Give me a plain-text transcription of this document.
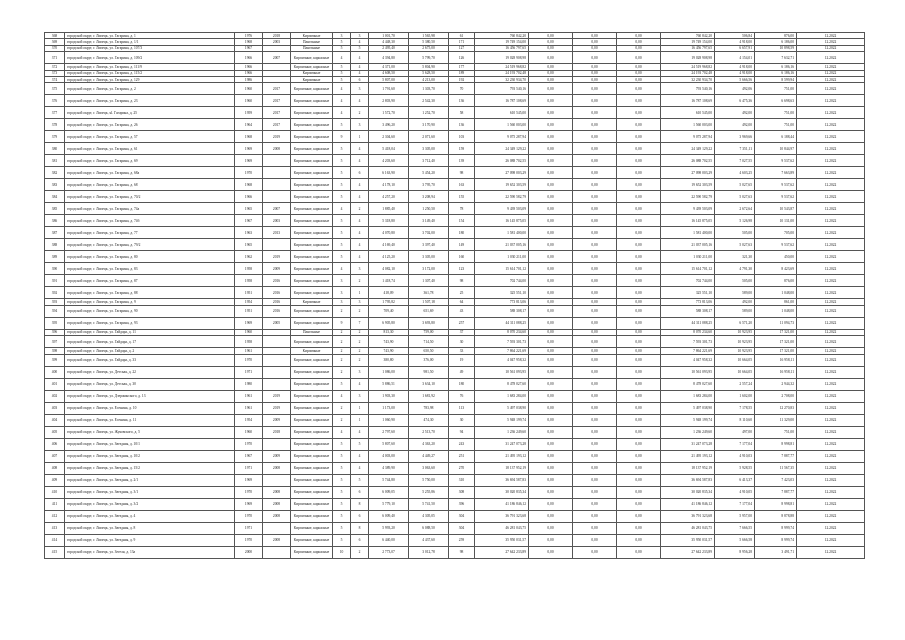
368	городской округ, г. Липецк, ул. Гагарина, д. 1	1976	2018	Кирпичные	3	3	1 001,70	1 565,98	61	760 842,20	0,00	0,00	0,00	760 842,20	506,84	876,00	12.2022
369	городской округ, г. Липецк, ул. Гагарина, д. 1/1	1968	2003	Панельные	5	4	4 448,30	5 380,50	171	19 749 154,00	0,00	0,00	0,00	19 749 154,00	4 918,00	6 186,00	12.2022
370	городской округ, г. Липецк, ул. Гагарина, д. 107/3	1967		Панельные	5	5	2 495,40	2 675,00	127	16 456 797,65	0,00	0,00	0,00	16 456 797,65	6 657,91	10 898,59	12.2022
371	городской округ, г. Липецк, ул. Гагарина, д. 109/2	1966	2007	Кирпичные, каркасные	4	4	4 394,80	5 799,70	126	19 028 908,98	0,00	0,00	0,00	19 028 908,98	4 154,01	7 632,71	12.2022
372	городской округ, г. Липецк, ул. Гагарина, д. 111/9	1966		Кирпичные, каркасные	5	4	4 371,00	5 804,90	177	24 519 968,82	0,00	0,00	0,00	24 519 968,82	4 918,00	6 186,16	12.2022
373	городской округ, г. Липецк, ул. Гагарина, д. 115/2	1966		Кирпичные	5	4	4 608,50	5 628,50	189	24 193 702,48	0,00	0,00	0,00	24 193 702,48	4 918,00	6 186,16	12.2022
374	городской округ, г. Липецк, ул. Гагарина, д. 129	1986		Кирпичные	5	6	5 807,00	4 213,00	192	32 230 934,70	0,00	0,00	0,00	32 230 934,70	5 666,56	8 599,94	12.2022
375	городской округ, г. Липецк, ул. Гагарина, д. 2	1960	2017	Кирпичные, каркасные	4	3	1 791,60	1 303,70	70	793 540,16	0,00	0,00	0,00	793 540,16	492,06	751,00	12.2022
376	городской округ, г. Липецк, ул. Гагарина, д. 23	1960	2017	Кирпичные, каркасные	4	4	2 803,90	2 542,30	136	16 787 108,69	0,00	0,00	0,00	16 787 108,69	6 475,36	6 698,63	12.2022
377	городской округ, г. Липецк, ul. Гагарина, д. 25	1959	2017	Кирпичные, каркасные	4	2	1 572,70	1 252,70	58	610 545,00	0,00	0,00	0,00	610 545,00	492,00	751,00	12.2022
378	городской округ, г. Липецк, ул. Гагарина, д. 26	1964	2017	Кирпичные, каркасные	5	3	3 496,20	3 170,90	136	1 560 003,00	0,00	0,00	0,00	1 560 003,00	492,00	751,00	12.2022
379	городской округ, г. Липецк, ул. Гагарина, д. 57	1968	2019	Кирпичные, каркасные	9	1	2 304,60	2 071,60	103	9 075 287,94	0,00	0,00	0,00	9 075 287,94	3 969,66	6 188,44	12.2022
380	городской округ, г. Липецк, ул. Гагарина, д. 61	1969	2008	Кирпичные, каркасные	5	4	5 418,04	3 305,00	159	24 349 129,22	0,00	0,00	0,00	24 349 129,22	7 351,11	10 844,97	12.2022
381	городской округ, г. Липецк, ул. Гагарина, д. 69	1969		Кирпичные, каркасные	5	4	4 203,60	3 712,40	139	26 088 702,55	0,00	0,00	0,00	26 088 702,55	7 027,55	9 537,62	12.2022
382	городской округ, г. Липецк, ул. Гагарина, д. 68а	1970		Кирпичные, каркасные	5	6	6 163,90	5 454,20	98	27 098 003,29	0,00	0,00	0,00	27 098 003,29	4 603,25	7 663,89	12.2022
383	городской округ, г. Липецк, ул. Гагарина, д. 68	1968		Кирпичные, каркасные	5	4	4 178,10	3 795,70	163	19 652 303,59	0,00	0,00	0,00	19 652 303,59	5 027,65	9 537,62	12.2022
384	городской округ, г. Липецк, ул. Гагарина, д. 70/2	1966		Кирпичные, каркасные	5	4	4 257,20	3 208,94	155	22 590 582,79	0,00	0,00	0,00	22 590 582,79	5 027,63	9 537,62	12.2022
385	городской округ, г. Липецк, ул. Гагарина, д. 74а	1965	2007	Кирпичные, каркасные	4	2	1 885,40	1 250,50	78	9 439 503,09	0,00	0,00	0,00	9 439 503,09	2 672,64	10 543,87	12.2022
386	городской округ, г. Липецк, ул. Гагарина, д. 74б	1967	2003	Кирпичные, каркасные	5	4	5 318,80	3 149,40	154	16 145 875,05	0,00	0,00	0,00	16 145 875,05	5 126,98	10 131,00	12.2022
387	городской округ, г. Липецк, ул. Гагарина, д. 77	1963	2013	Кирпичные, каркасные	5	4	4 070,80	3 702,00	180	1 581 400,00	0,00	0,00	0,00	1 581 400,00	505,00	705,00	12.2022
388	городской округ, г. Липецк, ул. Гагарина, д. 79/2	1965		Кирпичные, каркасные	5	4	4 169,40	3 397,40	149	21 037 005,16	0,00	0,00	0,00	21 037 005,16	5 027,63	9 537,62	12.2022
389	городской округ, г. Липецк, ул. Гагарина, д. 80	1962	2019	Кирпичные, каркасные	5	4	4 125,20	3 305,00	160	1 030 211,00	0,00	0,00	0,00	1 030 211,00	321,30	450,00	12.2022
390	городской округ, г. Липецк, ул. Гагарина, д. 83	1958	2009	Кирпичные, каркасные	4	3	4 082,10	3 172,00	123	15 614 701,12	0,00	0,00	0,00	15 614 701,12	4 791,30	8 423,69	12.2022
391	городской округ, г. Липецк, ул. Гагарина, д. 87	1958	2016	Кирпичные, каркасные	3	2	1 418,74	1 307,40	98	702 744,00	0,00	0,00	0,00	702 744,00	505,00	876,00	12.2022
392	городской округ, г. Липецк, ул. Гагарина, д. 88	1951	2016	Кирпичные, каркасные	3	1	418,09	361,78	25	325 551,10	0,00	0,00	0,00	325 551,10	589,00	1 048,00	12.2022
393	городской округ, г. Липецк, ул. Гагарина, д. 9	1954	2016	Кирпичные	3	3	1 795,82	1 507,18	64	773 813,06	0,00	0,00	0,00	773 813,06	492,00	861,00	12.2022
394	городской округ, г. Липецк, ул. Гагарина, д. 90	1951	2016	Кирпичные, каркасные	2	2	709,40	651,69	43	588 308,17	0,00	0,00	0,00	588 308,17	589,00	1 048,00	12.2022
395	городской округ, г. Липецк, ул. Гагарина, д. 93	1969	2005	Кирпичные, каркасные	9	7	6 905,80	3 693,80	257	44 311 088,25	0,00	0,00	0,00	44 311 088,25	6 571,20	11 094,73	12.2022
396	городской округ, г. Липецк, ул. Гайдара, д. 11	1960		Панельные	2	2	813,30	759,00	37	8 070 234,60	0,00	0,00	0,00	8 070 234,60	10 923,95	17 321,00	12.2022
397	городской округ, г. Липецк, ул. Гайдара, д. 17	1958		Кирпичные, каркасные	2	2	743,90	714,50	30	7 593 301,73	0,00	0,00	0,00	7 593 301,73	10 923,95	17 321,00	12.2022
398	городской округ, г. Липецк, ул. Гайдара, д. 2	1961		Кирпичные	2	2	743,90	650,50	33	7 864 221,69	0,00	0,00	0,00	7 864 221,69	10 923,95	17 321,00	12.2022
399	городской округ, г. Липецк, ул. Гайдара, д. 33	1970		Кирпичные, каркасные	2	2	380,80	376,00	19	4 047 958,32	0,00	0,00	0,00	4 047 958,32	10 664,05	16 958,11	12.2022
400	городской округ, г. Липецк, ул. Детская, д. 22	1971		Кирпичные, каркасные	2	3	1 086,00	981,50	49	10 561 093,95	0,00	0,00	0,00	10 561 093,95	10 664,05	16 958,11	12.2022
401	городской округ, г. Липецк, ул. Детская, д. 30	1980		Кирпичные, каркасные	5	4	5 886,51	3 634,10	180	8 478 027,60	0,00	0,00	0,00	8 478 027,60	2 557,24	2 944,32	12.2022
402	городской округ, г. Липецк, ул. Дзержинского, д. 13	1961	2019	Кирпичные, каркасные	4	3	1 903,30	1 681,92	76	1 683 284,00	0,00	0,00	0,00	1 683 284,00	1 602,00	2 708,00	12.2022
403	городской округ, г. Липецк, ул. Есенина, д. 10	1961	2019	Кирпичные, каркасные	2	1	1 173,00	783,98	113	5 497 038,90	0,00	0,00	0,00	5 497 038,90	7 178,55	12 270,83	12.2022
404	городской округ, г. Липецк, ул. Есенина, д. 11	1954	2009	Кирпичные, каркасные	2	1	1 060,90	474,30	30	5 948 199,74	0,00	0,00	0,00	5 948 199,74	8 110,60	11 329,00	12.2022
405	городской округ, г. Липецк, ул. Жуковского, д. 5	1960	2018	Кирпичные, каркасные	4	4	2 797,60	2 513,70	94	1 236 249,60	0,00	0,00	0,00	1 236 249,60	497,00	751,00	12.2022
406	городской округ, г. Липецк, ул. Звездная, д. 10/1	1970		Кирпичные, каркасные	5	5	5 807,60	4 363,20	243	31 247 073,28	0,00	0,00	0,00	31 247 073,28	7 177,04	8 998,81	12.2022
407	городской округ, г. Липецк, ул. Звездная, д. 10/2	1967	2009	Кирпичные, каркасные	5	4	4 003,00	4 449,27	251	21 495 193,12	0,00	0,00	0,00	21 495 193,12	4 910,03	7 887,77	12.2022
408	городской округ, г. Липецк, ул. Звездная, д. 15/2	1971	2008	Кирпичные, каркасные	5	4	4 389,90	3 063,60	270	18 137 952,19	0,00	0,00	0,00	18 137 952,19	5 928,55	11 567,35	12.2022
409	городской округ, г. Липецк, ул. Звездная, д. 2/1	1969		Кирпичные, каркасные	5	5	5 744,80	5 750,00	310	36 694 587,83	0,00	0,00	0,00	36 694 587,83	6 413,37	7 423,03	12.2022
410	городской округ, г. Липецк, ул. Звездная, д. 3/1	1970	2008	Кирпичные, каркасные	5	6	6 009,05	5 255,86	308	30 020 835,34	0,00	0,00	0,00	30 020 835,34	4 910,05	7 887,77	12.2022
411	городской округ, г. Липецк, ул. Звездная, д. 3/2	1969	2008	Кирпичные, каркасные	5	8	5 779,10	5 741,50	396	41 186 846,12	0,00	0,00	0,00	41 186 846,12	7 177,04	8 998,81	12.2022
412	городской округ, г. Липецк, ул. Звездная, д. 4	1970	2008	Кирпичные, каркасные	5	6	6 009,40	4 305,05	304	36 791 323,68	0,00	0,00	0,00	36 791 323,68	5 957,00	8 878,88	12.2022
413	городской округ, г. Липецк, ул. Звездная, д. 8	1971		Кирпичные, каркасные	5	8	5 993,20	6 088,50	304	46 281 043,75	0,00	0,00	0,00	46 281 043,75	7 666,55	8 999,74	12.2022
414	городской округ, г. Липецк, ул. Звездная, д. 9	1970	2008	Кирпичные, каркасные	5	6	6 440,00	4 437,60	259	35 950 031,57	0,00	0,00	0,00	35 950 031,57	5 666,58	8 999,74	12.2022
415	городской округ, г. Липецк, ул. Зегеля, д. 13а	2000		Кирпичные, каркасные	10	2	2 773,07	3 012,78	98	27 642 233,89	0,00	0,00	0,00	27 642 233,89	8 956,28	3 491,71	12.2022
